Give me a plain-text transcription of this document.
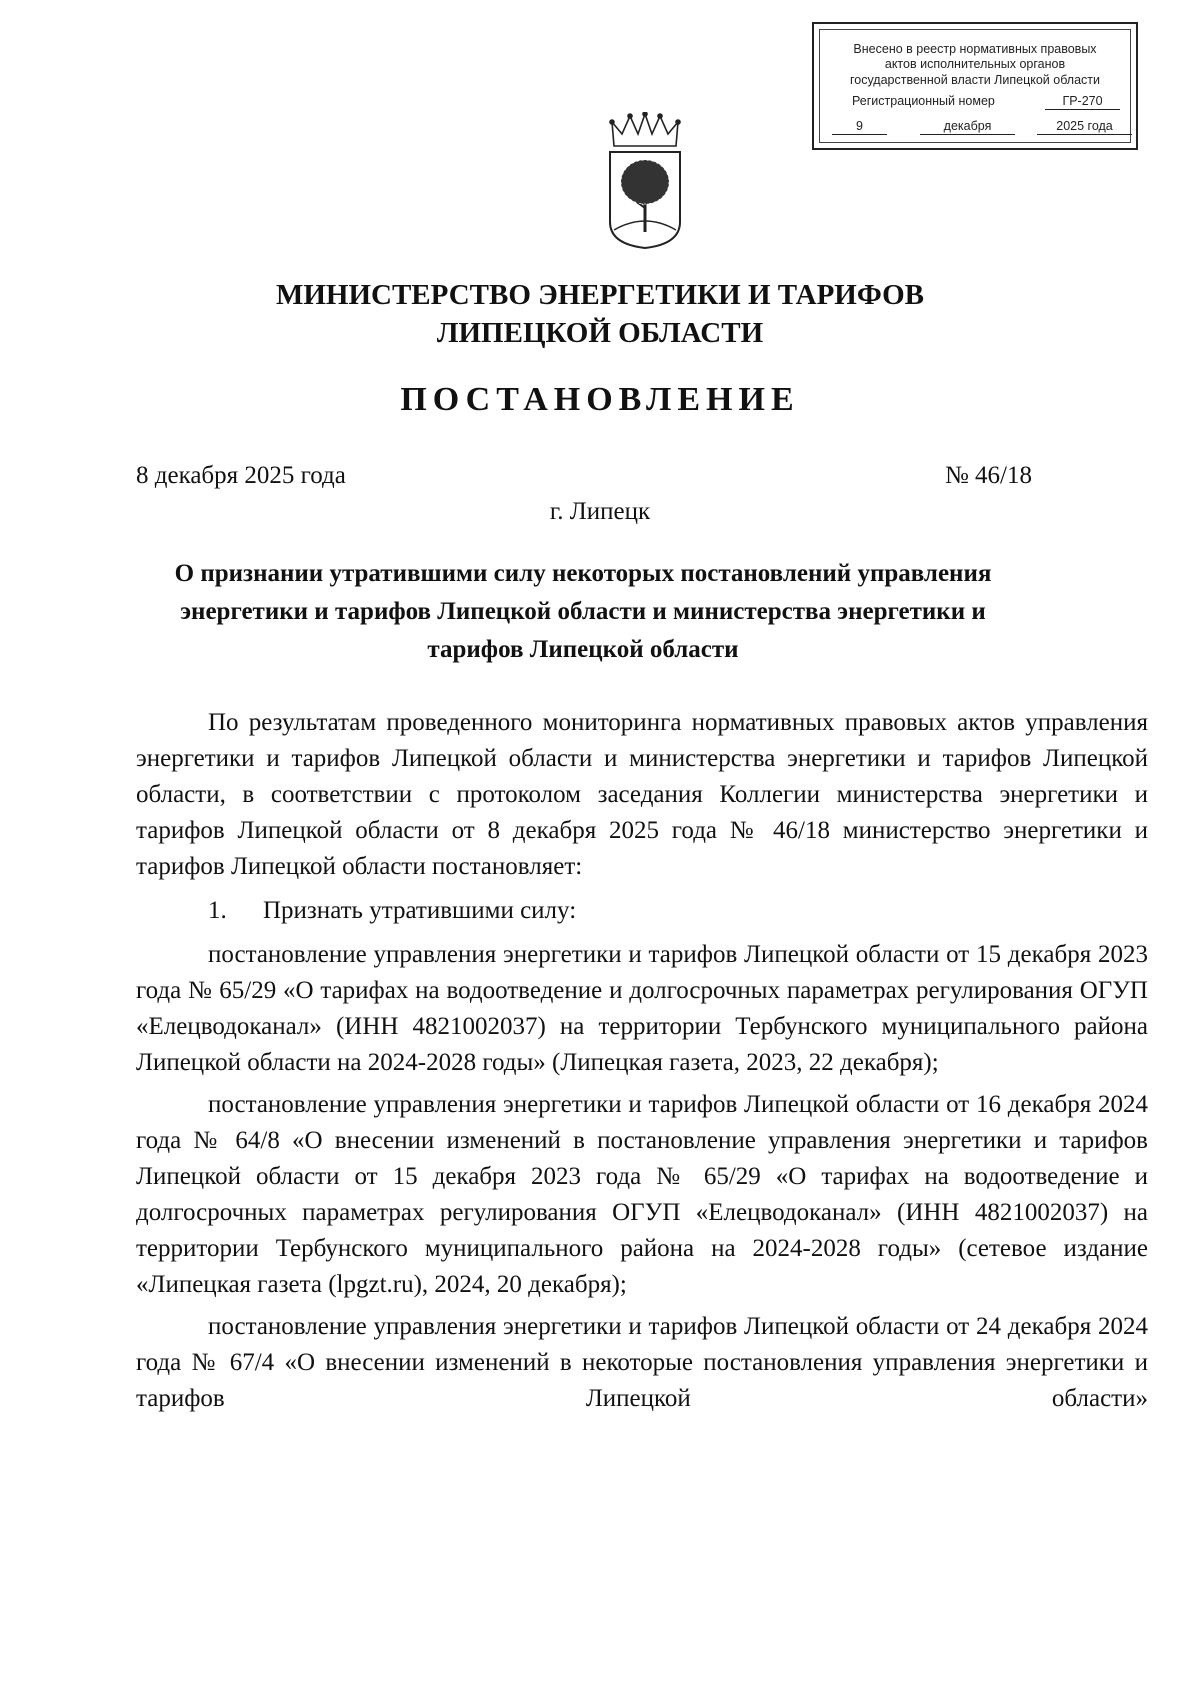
Внесено в реестр нормативных правовых
актов исполнительных органов
государственной власти Липецкой области
Регистрационный номер	ГР-270
9	декабря	2025 года
МИНИСТЕРСТВО ЭНЕРГЕТИКИ И ТАРИФОВ
ЛИПЕЦКОЙ ОБЛАСТИ
ПОСТАНОВЛЕНИЕ
8 декабря 2025 года	№ 46/18
г. Липецк
О признании утратившими силу некоторых постановлений управления энергетики и тарифов Липецкой области и министерства энергетики и тарифов Липецкой области

По результатам проведенного мониторинга нормативных правовых актов управления энергетики и тарифов Липецкой области и министерства энергетики и тарифов Липецкой области, в соответствии с протоколом заседания Коллегии министерства энергетики и тарифов Липецкой области от 8 декабря 2025 года № 46/18 министерство энергетики и тарифов Липецкой области постановляет:

1. Признать утратившими силу:

постановление управления энергетики и тарифов Липецкой области от 15 декабря 2023 года № 65/29 «О тарифах на водоотведение и долгосрочных параметрах регулирования ОГУП «Елецводоканал» (ИНН 4821002037) на территории Тербунского муниципального района Липецкой области на 2024-2028 годы» (Липецкая газета, 2023, 22 декабря);

постановление управления энергетики и тарифов Липецкой области от 16 декабря 2024 года № 64/8 «О внесении изменений в постановление управления энергетики и тарифов Липецкой области от 15 декабря 2023 года № 65/29 «О тарифах на водоотведение и долгосрочных параметрах регулирования ОГУП «Елецводоканал» (ИНН 4821002037) на территории Тербунского муниципального района на 2024-2028 годы» (сетевое издание «Липецкая газета (lpgzt.ru), 2024, 20 декабря);

постановление управления энергетики и тарифов Липецкой области от 24 декабря 2024 года № 67/4 «О внесении изменений в некоторые постановления управления энергетики и тарифов Липецкой области»
